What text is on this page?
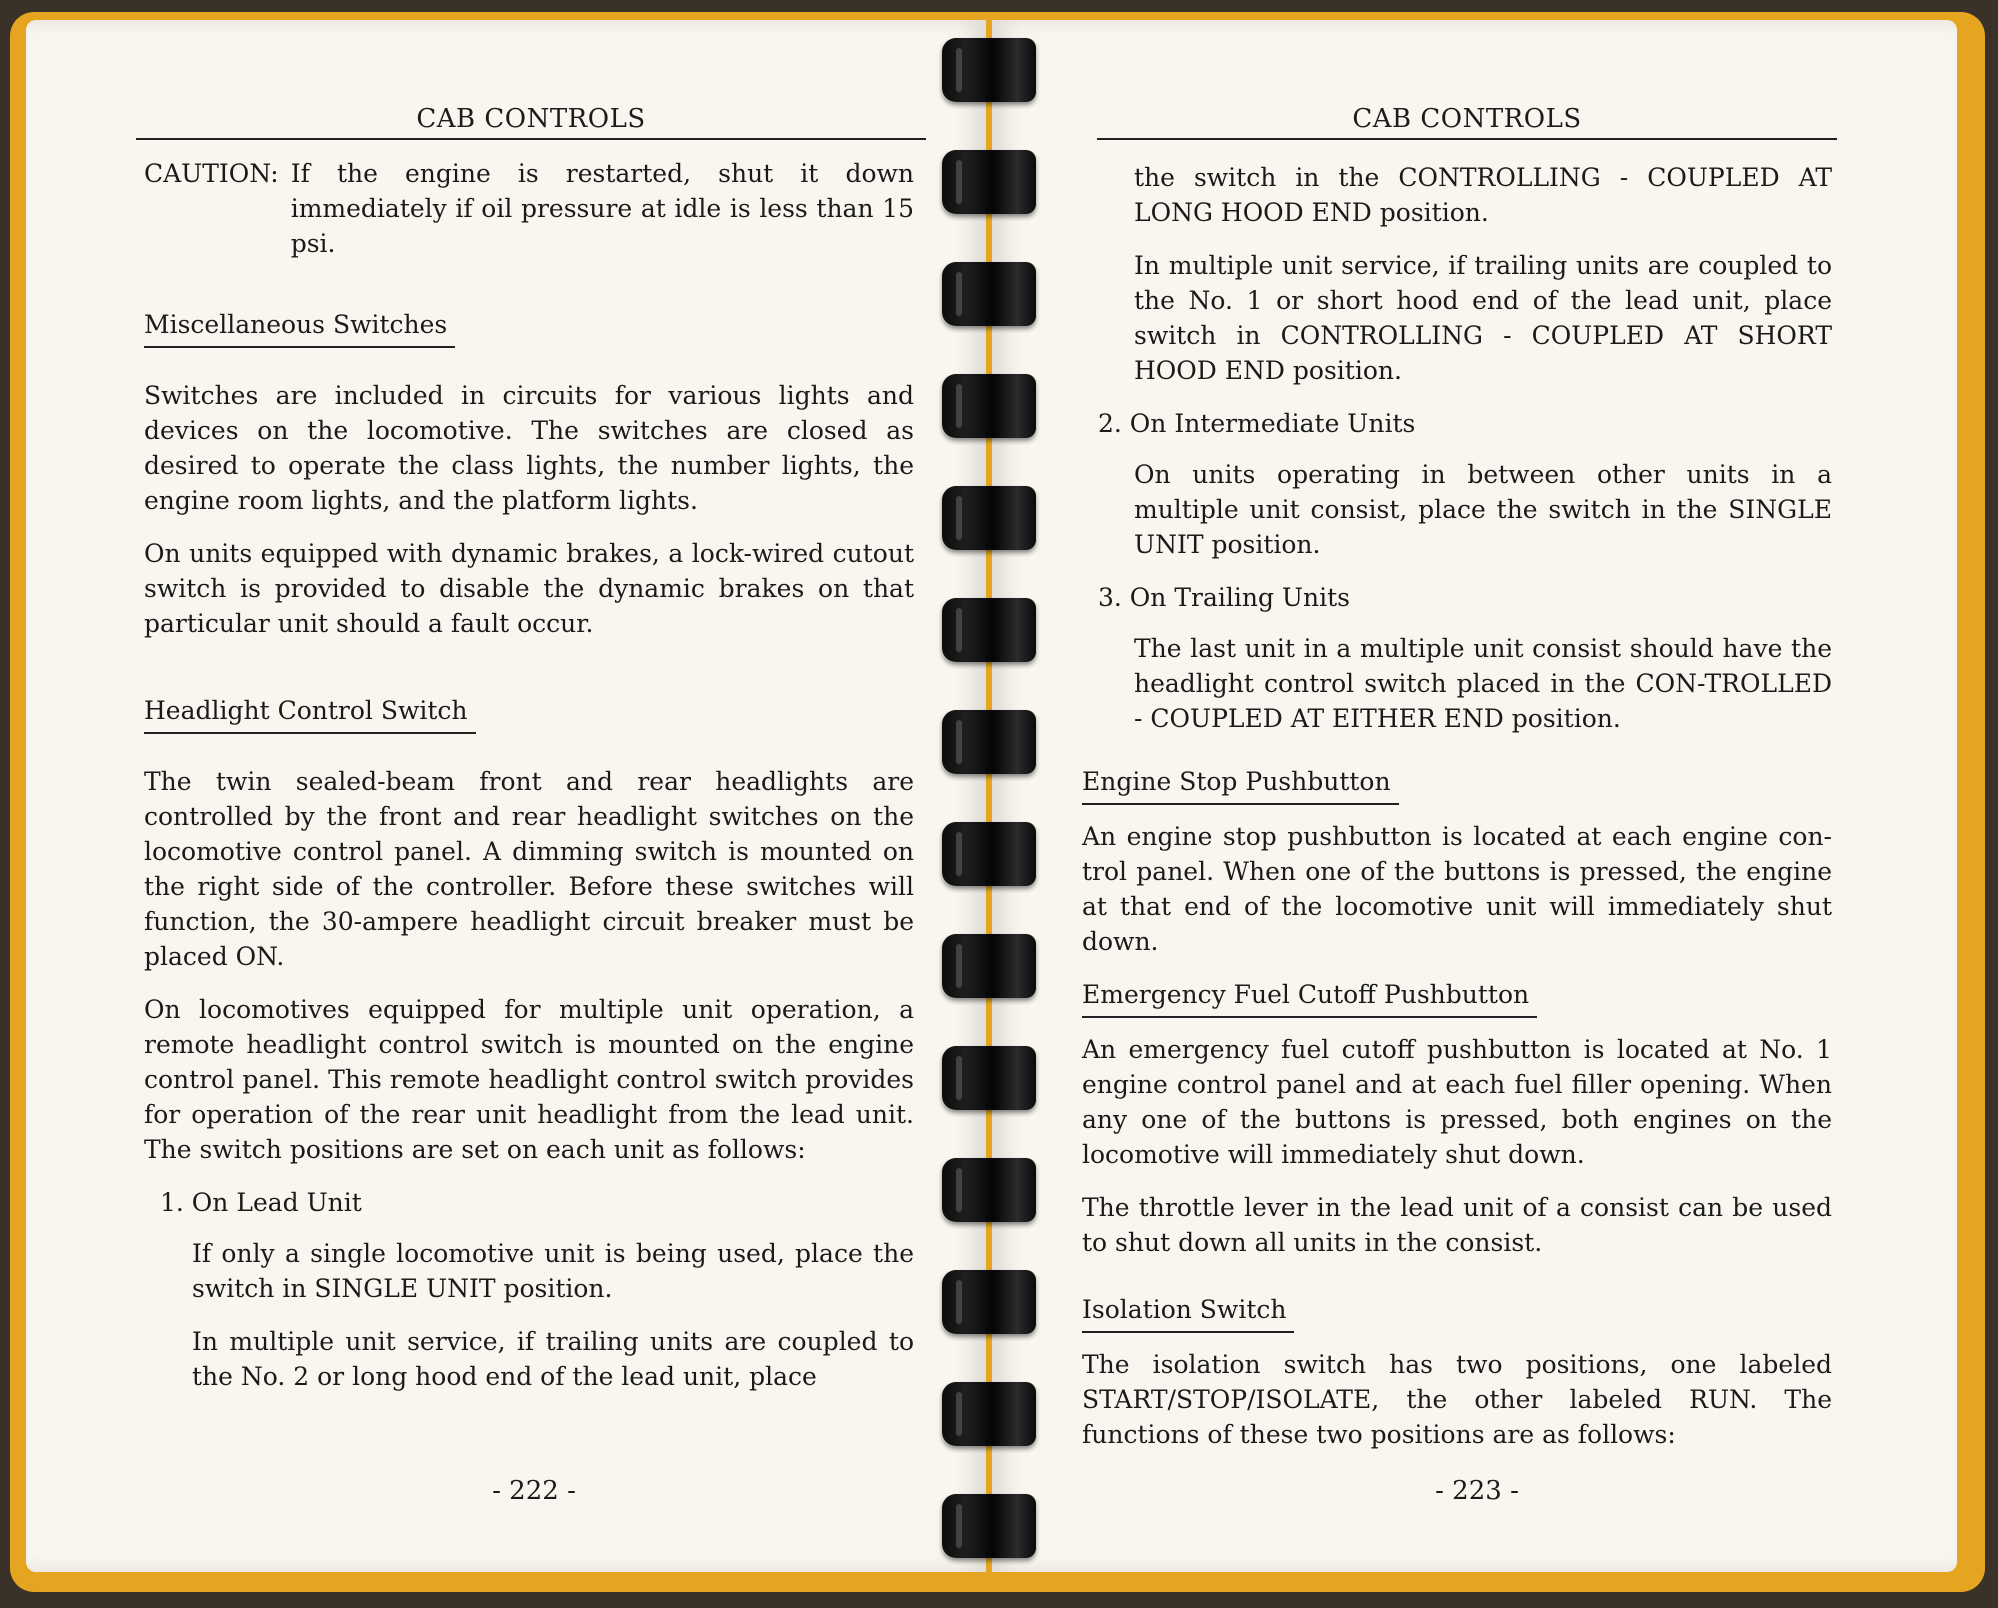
CAB CONTROLS
CAUTION: If the engine is restarted, shut it down immediately if oil pressure at idle is less than 15 psi.
Miscellaneous Switches

Switches are included in circuits for various lights and devices on the locomotive. The switches are closed as desired to operate the class lights, the number lights, the engine room lights, and the platform lights.

On units equipped with dynamic brakes, a lock-wired cutout switch is provided to disable the dynamic brakes on that particular unit should a fault occur.

Headlight Control Switch

The twin sealed-beam front and rear headlights are controlled by the front and rear headlight switches on the locomotive control panel. A dimming switch is mounted on the right side of the controller. Before these switches will function, the 30-ampere headlight circuit breaker must be placed ON.

On locomotives equipped for multiple unit operation, a remote headlight control switch is mounted on the engine control panel. This remote headlight control switch provides for operation of the rear unit headlight from the lead unit. The switch positions are set on each unit as follows:

1. On Lead Unit

If only a single locomotive unit is being used, place the switch in SINGLE UNIT position.

In multiple unit service, if trailing units are coupled to the No. 2 or long hood end of the lead unit, place

- 222 -
CAB CONTROLS

the switch in the CONTROLLING - COUPLED AT LONG HOOD END position.

In multiple unit service, if trailing units are coupled to the No. 1 or short hood end of the lead unit, place switch in CONTROLLING - COUPLED AT SHORT HOOD END position.

2. On Intermediate Units

On units operating in between other units in a multiple unit consist, place the switch in the SINGLE UNIT position.

3. On Trailing Units

The last unit in a multiple unit consist should have the headlight control switch placed in the CON-TROLLED - COUPLED AT EITHER END position.

Engine Stop Pushbutton

An engine stop pushbutton is located at each engine con-trol panel. When one of the buttons is pressed, the engine at that end of the locomotive unit will immediately shut down.

Emergency Fuel Cutoff Pushbutton

An emergency fuel cutoff pushbutton is located at No. 1 engine control panel and at each fuel filler opening. When any one of the buttons is pressed, both engines on the locomotive will immediately shut down.

The throttle lever in the lead unit of a consist can be used to shut down all units in the consist.

Isolation Switch

The isolation switch has two positions, one labeled START/STOP/ISOLATE, the other labeled RUN. The functions of these two positions are as follows:

- 223 -
